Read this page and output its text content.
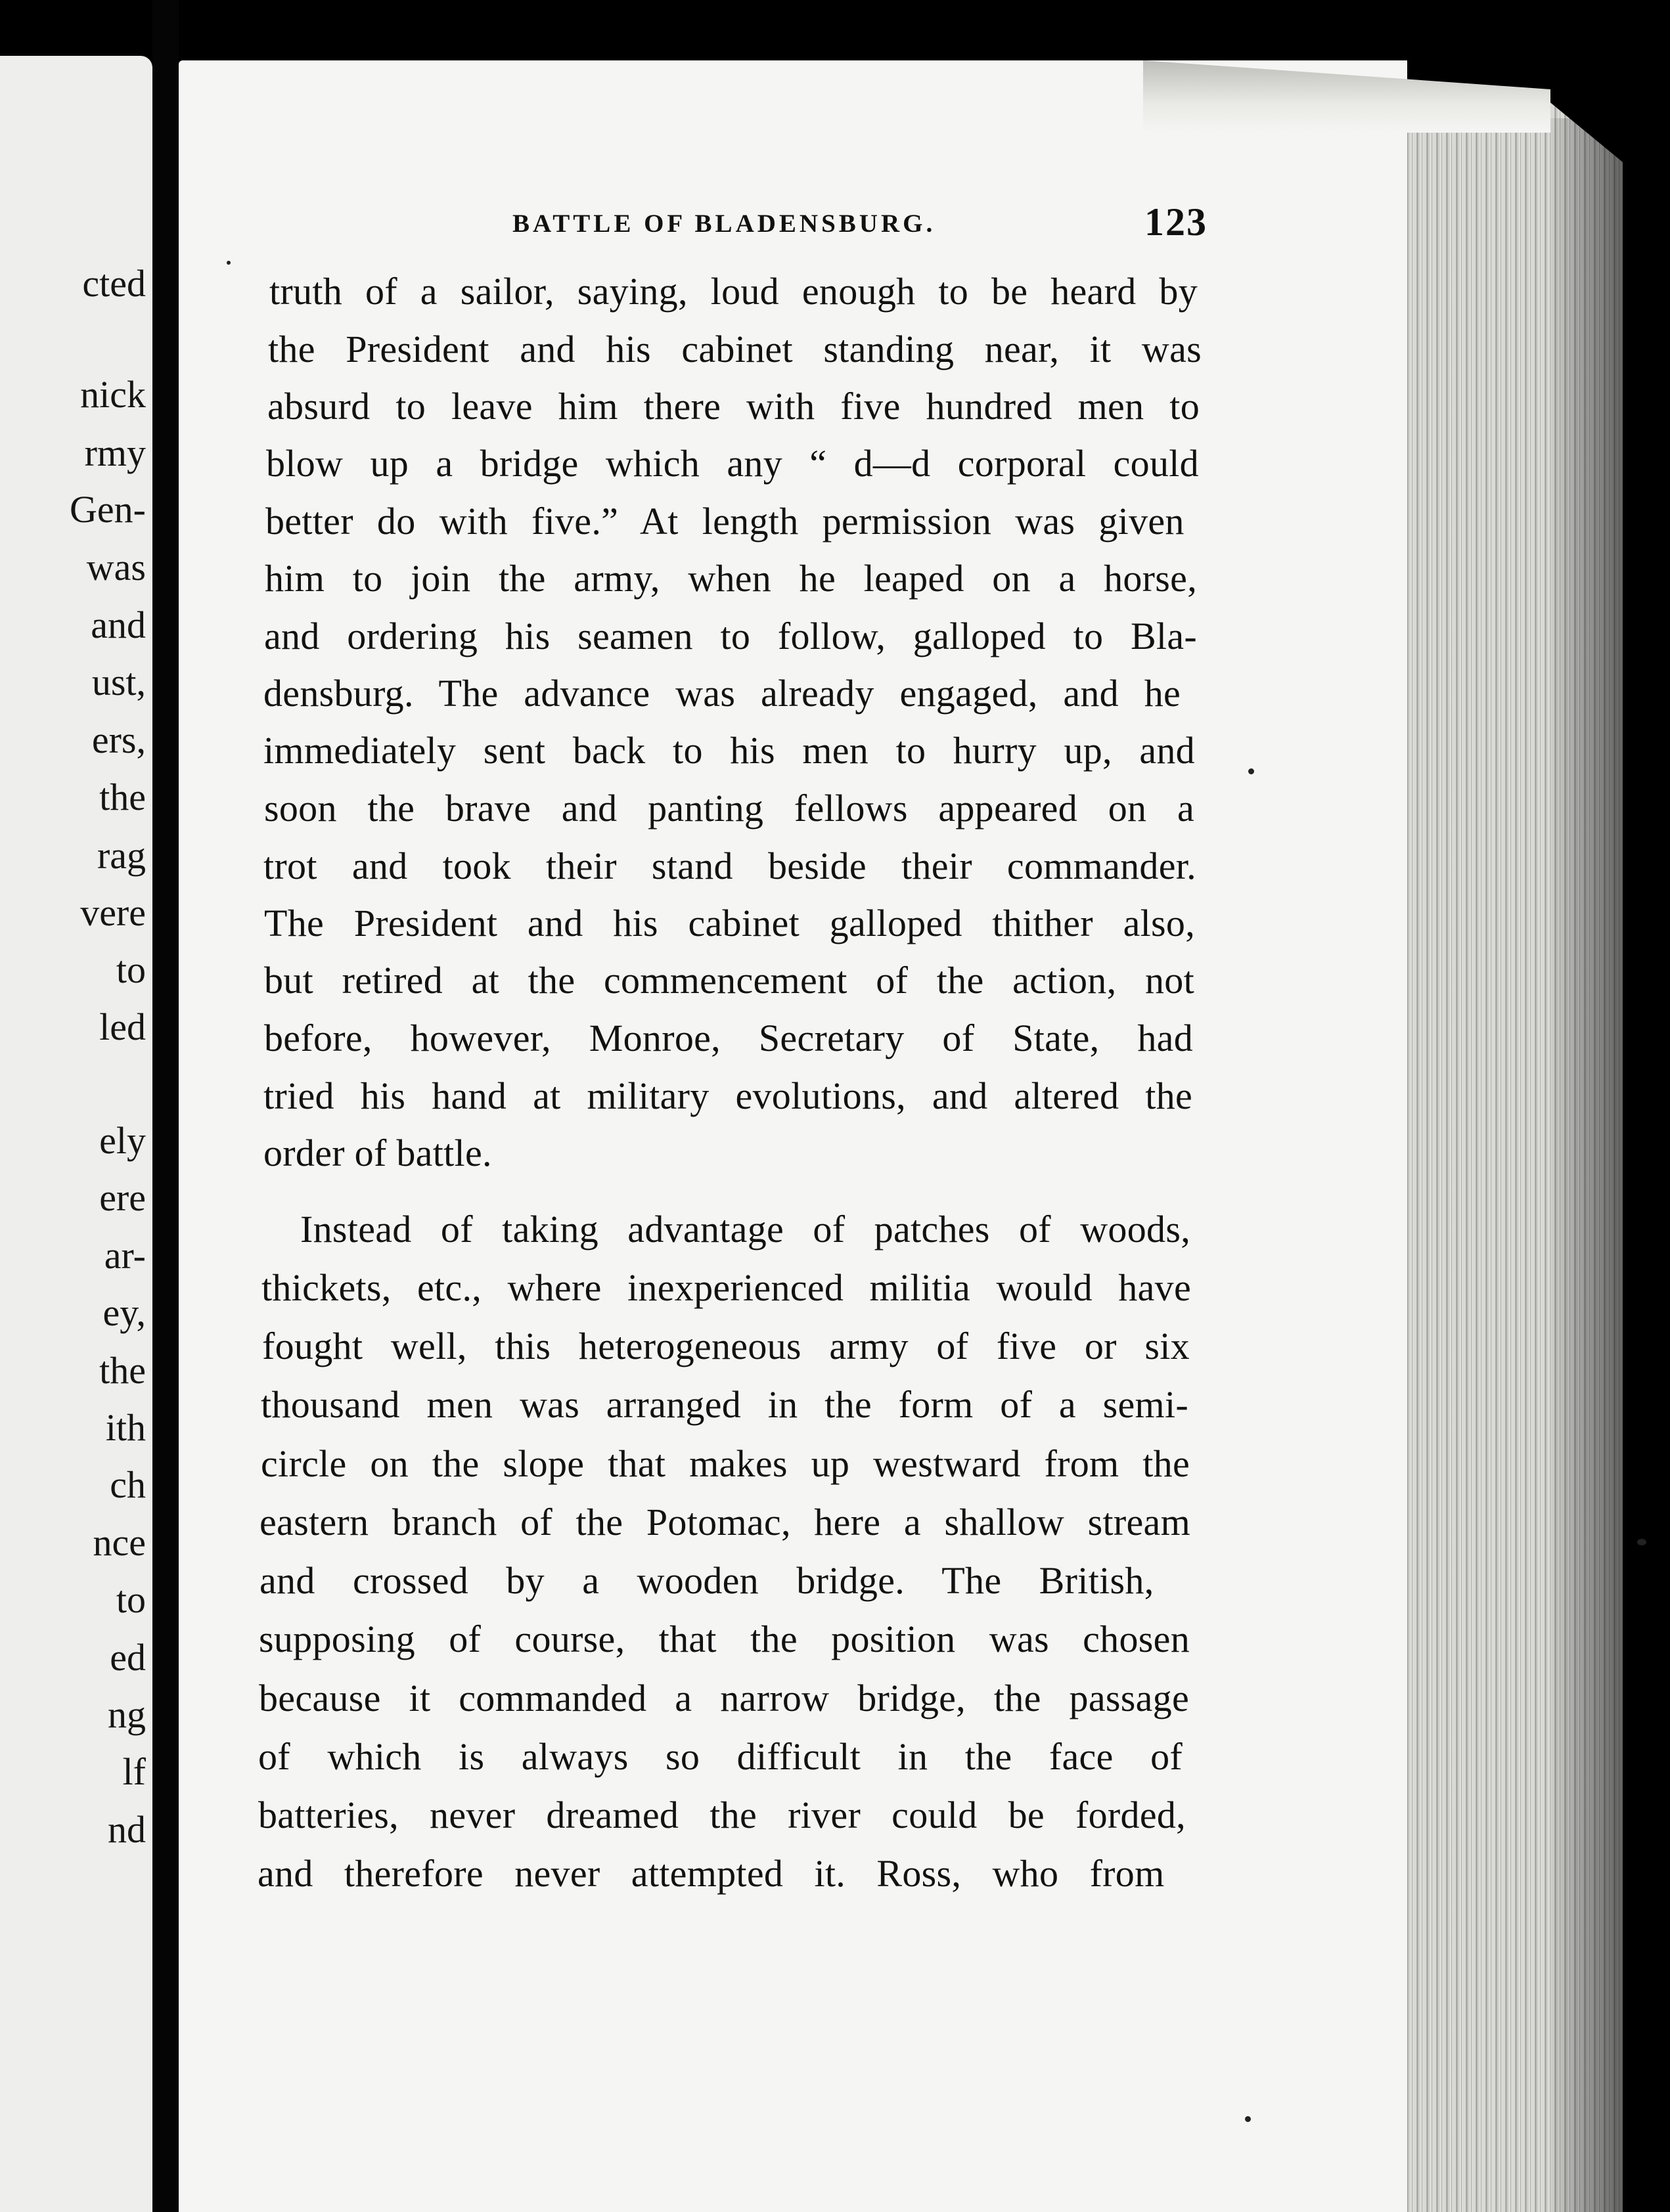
cted
nick
rmy
Gen-
was
and
ust,
ers,
the
rag
vere
to
led
ely
ere
ar-
ey,
the
ith
ch
nce
to
ed
ng
lf
nd
BATTLE OF BLADENSBURG.	123
truth of a sailor, saying, loud enough to be heard by
the President and his cabinet standing near, it was
absurd to leave him there with five hundred men to
blow up a bridge which any “ d—d corporal could
better do with five.” At length permission was given
him to join the army, when he leaped on a horse,
and ordering his seamen to follow, galloped to Bla-
densburg. The advance was already engaged, and he
immediately sent back to his men to hurry up, and
soon the brave and panting fellows appeared on a
trot and took their stand beside their commander.
The President and his cabinet galloped thither also,
but retired at the commencement of the action, not
before, however, Monroe, Secretary of State, had
tried his hand at military evolutions, and altered the
order of battle.
Instead of taking advantage of patches of woods,
thickets, etc., where inexperienced militia would have
fought well, this heterogeneous army of five or six
thousand men was arranged in the form of a semi-
circle on the slope that makes up westward from the
eastern branch of the Potomac, here a shallow stream
and crossed by a wooden bridge. The British,
supposing of course, that the position was chosen
because it commanded a narrow bridge, the passage
of which is always so difficult in the face of
batteries, never dreamed the river could be forded,
and therefore never attempted it. Ross, who from
